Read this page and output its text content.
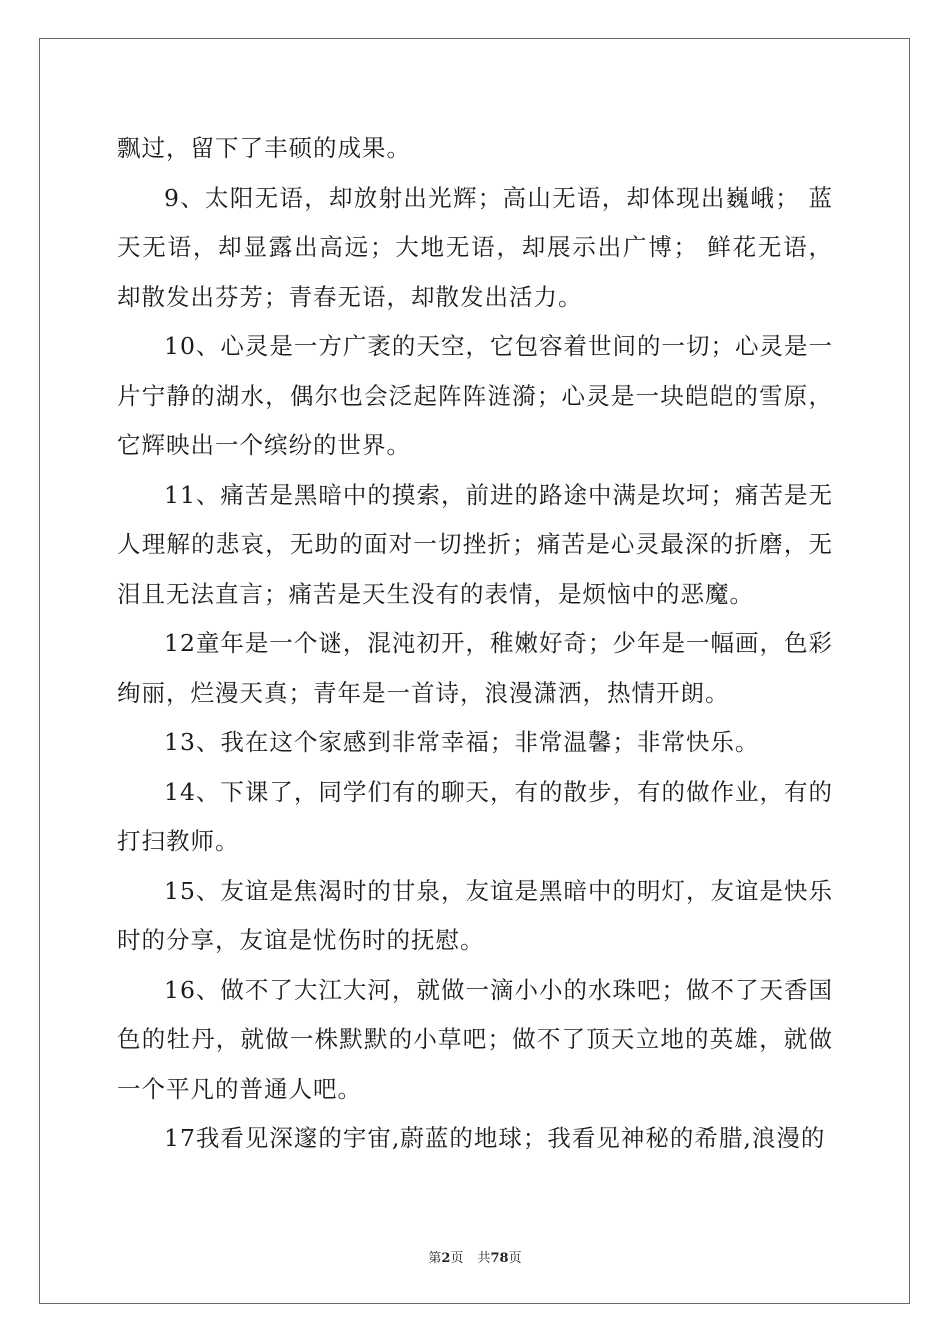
飘过，留下了丰硕的成果。

9、太阳无语，却放射出光辉；高山无语，却体现出巍峨； 蓝天无语，却显露出高远；大地无语，却展示出广博； 鲜花无语，却散发出芬芳；青春无语，却散发出活力。

10、心灵是一方广袤的天空，它包容着世间的一切；心灵是一片宁静的湖水，偶尔也会泛起阵阵涟漪；心灵是一块皑皑的雪原，它辉映出一个缤纷的世界。

11、痛苦是黑暗中的摸索，前进的路途中满是坎坷；痛苦是无人理解的悲哀，无助的面对一切挫折；痛苦是心灵最深的折磨，无泪且无法直言；痛苦是天生没有的表情，是烦恼中的恶魔。

12童年是一个谜，混沌初开，稚嫩好奇；少年是一幅画，色彩绚丽，烂漫天真；青年是一首诗，浪漫潇洒，热情开朗。

13、我在这个家感到非常幸福；非常温馨；非常快乐。

14、下课了，同学们有的聊天，有的散步，有的做作业，有的打扫教师。

15、友谊是焦渴时的甘泉，友谊是黑暗中的明灯，友谊是快乐时的分享，友谊是忧伤时的抚慰。

16、做不了大江大河，就做一滴小小的水珠吧；做不了天香国色的牡丹，就做一株默默的小草吧；做不了顶天立地的英雄，就做一个平凡的普通人吧。

17我看见深邃的宇宙,蔚蓝的地球；我看见神秘的希腊,浪漫的

第2页 共78页
